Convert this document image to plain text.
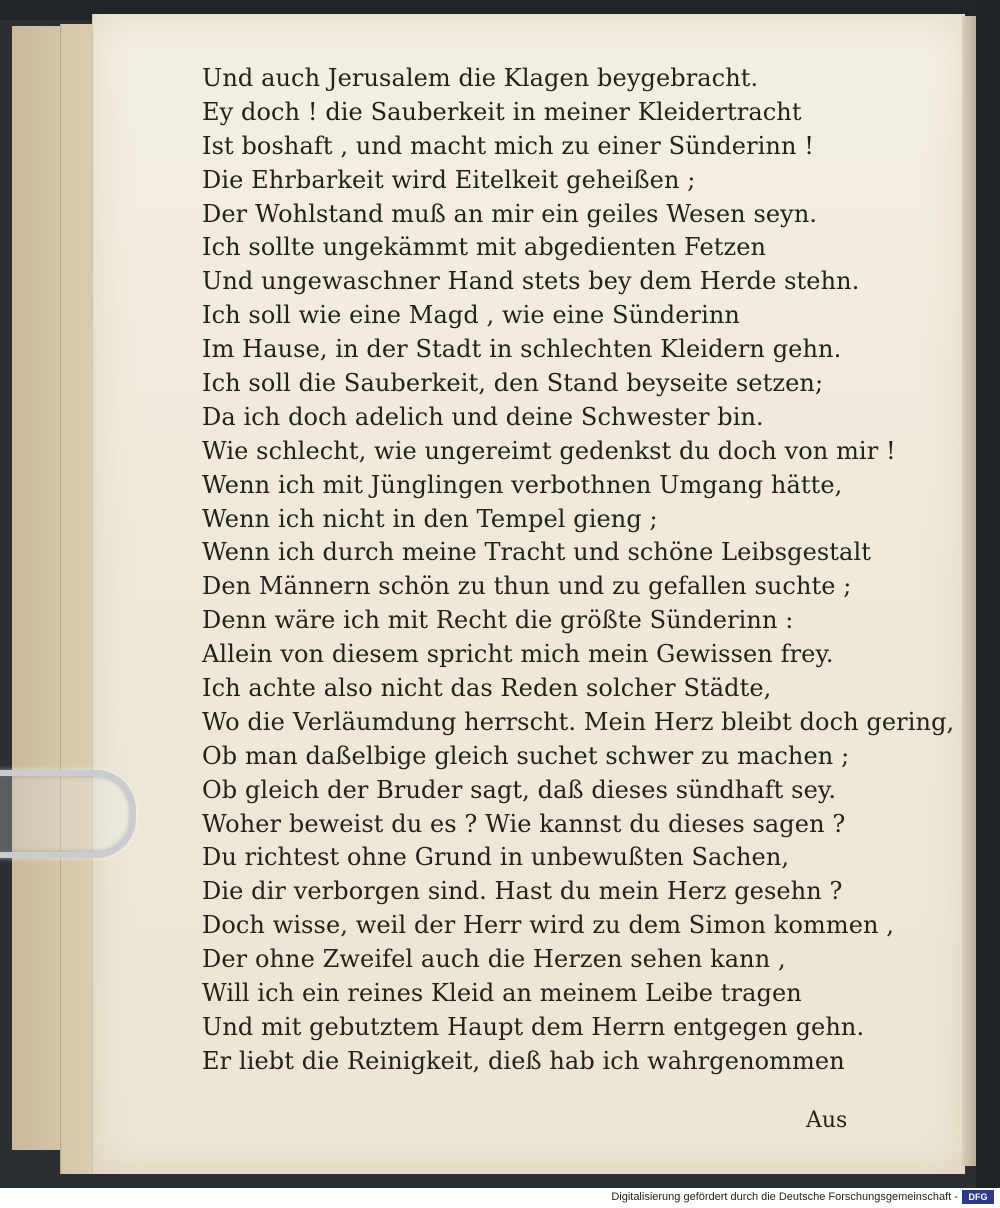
Und auch Jerusalem die Klagen beygebracht.
Ey doch ! die Sauberkeit in meiner Kleidertracht
Ist boshaft , und macht mich zu einer Sünderinn !
Die Ehrbarkeit wird Eitelkeit geheißen ;
Der Wohlstand muß an mir ein geiles Wesen seyn.
Ich sollte ungekämmt mit abgedienten Fetzen
Und ungewaschner Hand stets bey dem Herde stehn.
Ich soll wie eine Magd , wie eine Sünderinn
Im Hause, in der Stadt in schlechten Kleidern gehn.
Ich soll die Sauberkeit, den Stand beyseite setzen;
Da ich doch adelich und deine Schwester bin.
Wie schlecht, wie ungereimt gedenkst du doch von mir !
Wenn ich mit Jünglingen verbothnen Umgang hätte,
Wenn ich nicht in den Tempel gieng ;
Wenn ich durch meine Tracht und schöne Leibsgestalt
Den Männern schön zu thun und zu gefallen suchte ;
Denn wäre ich mit Recht die größte Sünderinn :
Allein von diesem spricht mich mein Gewissen frey.
Ich achte also nicht das Reden solcher Städte,
Wo die Verläumdung herrscht. Mein Herz bleibt doch gering,
Ob man daßelbige gleich suchet schwer zu machen ;
Ob gleich der Bruder sagt, daß dieses sündhaft sey.
Woher beweist du es ? Wie kannst du dieses sagen ?
Du richtest ohne Grund in unbewußten Sachen,
Die dir verborgen sind. Hast du mein Herz gesehn ?
Doch wisse, weil der Herr wird zu dem Simon kommen ,
Der ohne Zweifel auch die Herzen sehen kann ,
Will ich ein reines Kleid an meinem Leibe tragen
Und mit gebutztem Haupt dem Herrn entgegen gehn.
Er liebt die Reinigkeit, dieß hab ich wahrgenommen
Aus
Digitalisierung gefördert durch die Deutsche Forschungsgemeinschaft -	DFG
